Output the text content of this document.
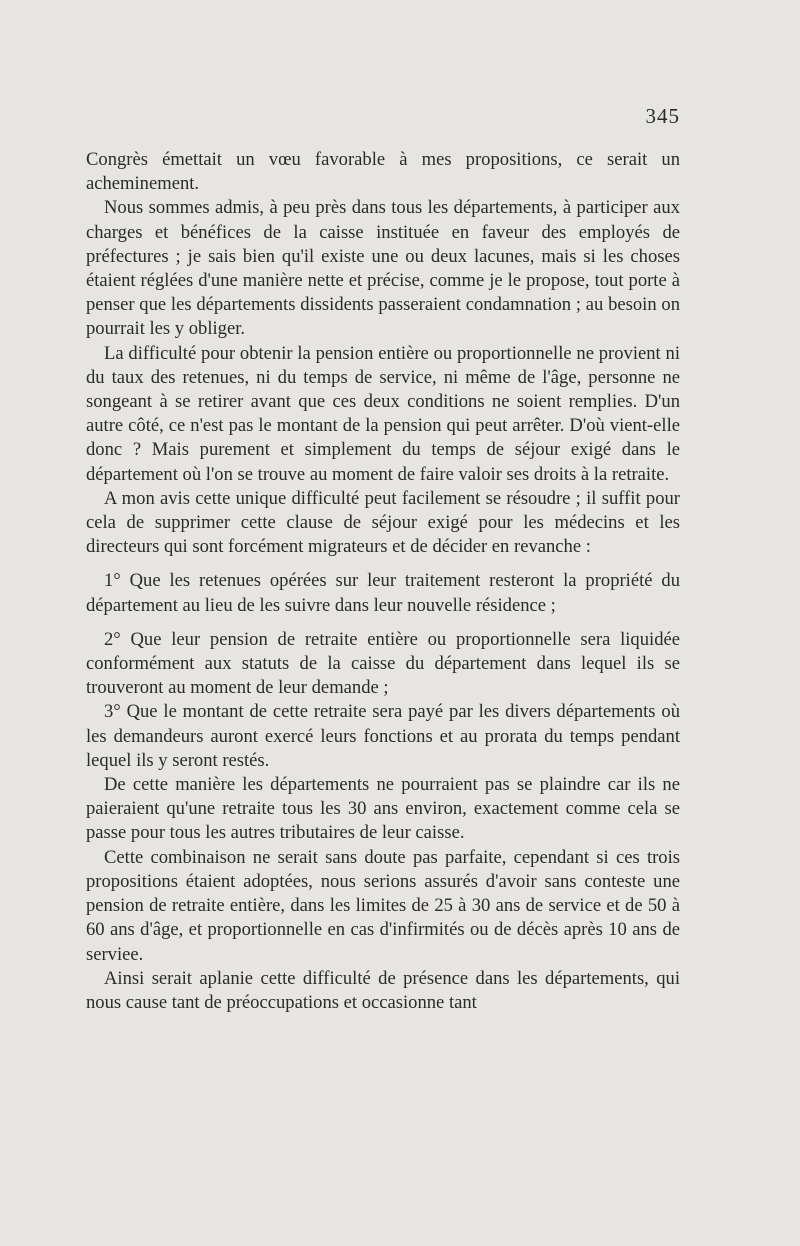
345

Congrès émettait un vœu favorable à mes propositions, ce serait un acheminement.

Nous sommes admis, à peu près dans tous les départements, à participer aux charges et bénéfices de la caisse instituée en faveur des employés de préfectures ; je sais bien qu'il existe une ou deux lacunes, mais si les choses étaient réglées d'une manière nette et précise, comme je le propose, tout porte à penser que les départements dissidents passeraient condamnation ; au besoin on pourrait les y obliger.

La difficulté pour obtenir la pension entière ou proportionnelle ne provient ni du taux des retenues, ni du temps de service, ni même de l'âge, personne ne songeant à se retirer avant que ces deux conditions ne soient remplies. D'un autre côté, ce n'est pas le montant de la pension qui peut arrêter. D'où vient-elle donc ? Mais purement et simplement du temps de séjour exigé dans le département où l'on se trouve au moment de faire valoir ses droits à la retraite.

A mon avis cette unique difficulté peut facilement se résoudre ; il suffit pour cela de supprimer cette clause de séjour exigé pour les médecins et les directeurs qui sont forcément migrateurs et de décider en revanche :

1° Que les retenues opérées sur leur traitement resteront la propriété du département au lieu de les suivre dans leur nouvelle résidence ;

2° Que leur pension de retraite entière ou proportionnelle sera liquidée conformément aux statuts de la caisse du département dans lequel ils se trouveront au moment de leur demande ;

3° Que le montant de cette retraite sera payé par les divers départements où les demandeurs auront exercé leurs fonctions et au prorata du temps pendant lequel ils y seront restés.

De cette manière les départements ne pourraient pas se plaindre car ils ne paieraient qu'une retraite tous les 30 ans environ, exactement comme cela se passe pour tous les autres tributaires de leur caisse.

Cette combinaison ne serait sans doute pas parfaite, cependant si ces trois propositions étaient adoptées, nous serions assurés d'avoir sans conteste une pension de retraite entière, dans les limites de 25 à 30 ans de service et de 50 à 60 ans d'âge, et proportionnelle en cas d'infirmités ou de décès après 10 ans de serviee.

Ainsi serait aplanie cette difficulté de présence dans les départements, qui nous cause tant de préoccupations et occasionne tant
